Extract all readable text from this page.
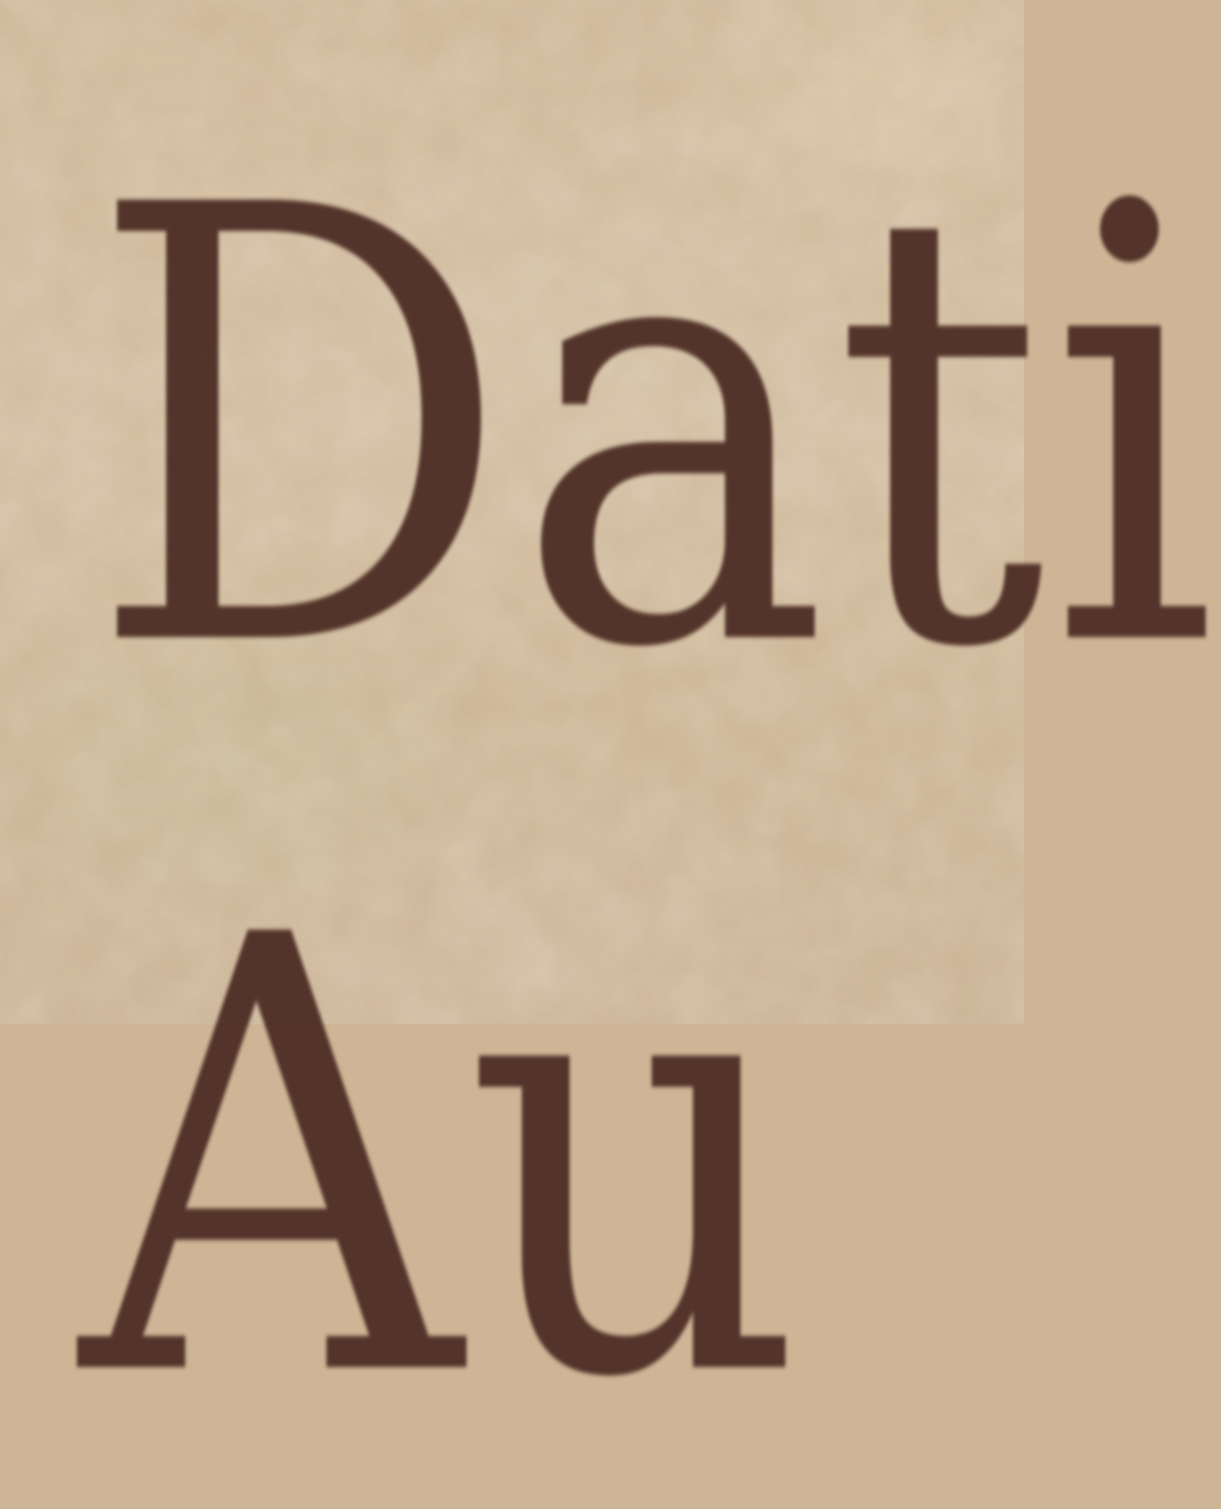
Dati
Au
